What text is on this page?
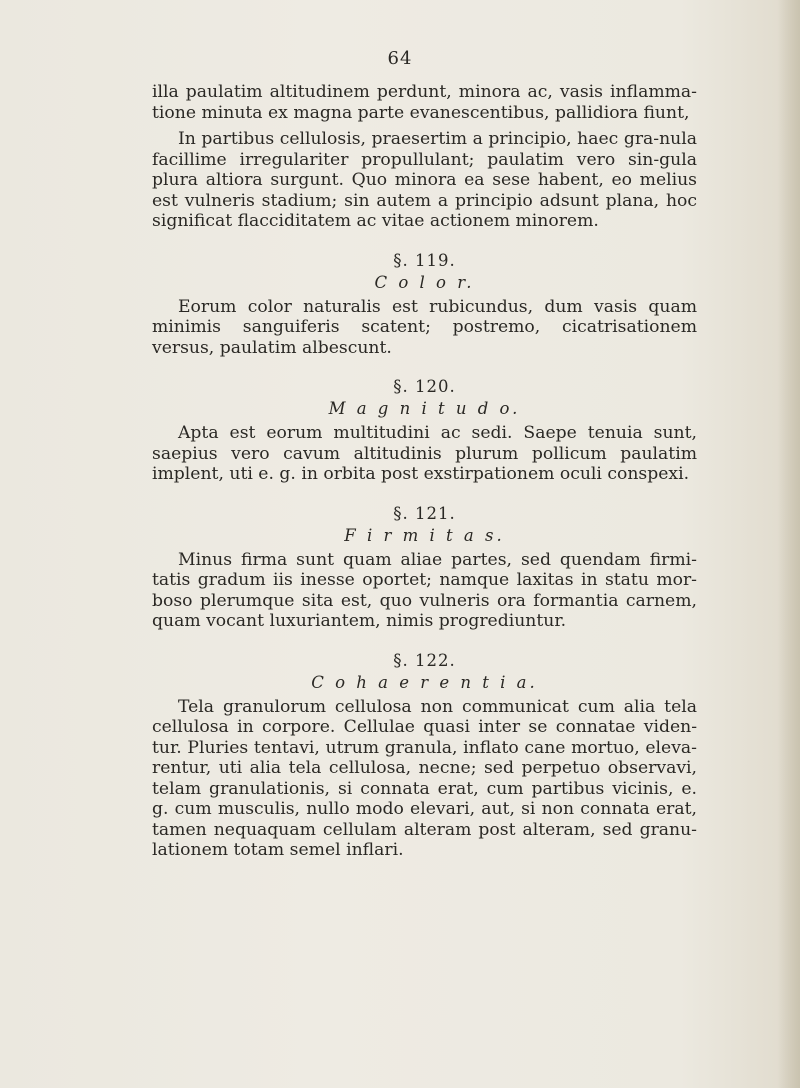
64

illa paulatim altitudinem perdunt, minora ac, vasis inflamma-tione minuta ex magna parte evanescentibus, pallidiora fiunt,

In partibus cellulosis, praesertim a principio, haec gra-nula facillime irregulariter propullulant; paulatim vero sin-gula plura altiora surgunt. Quo minora ea sese habent, eo melius est vulneris stadium; sin autem a principio adsunt plana, hoc significat flacciditatem ac vitae actionem minorem.

§. 119.
C o l o r.

Eorum color naturalis est rubicundus, dum vasis quam minimis sanguiferis scatent; postremo, cicatrisationem versus, paulatim albescunt.

§. 120.
M a g n i t u d o.

Apta est eorum multitudini ac sedi. Saepe tenuia sunt, saepius vero cavum altitudinis plurum pollicum paulatim implent, uti e. g. in orbita post exstirpationem oculi conspexi.

§. 121.
F i r m i t a s.

Minus firma sunt quam aliae partes, sed quendam firmi-tatis gradum iis inesse oportet; namque laxitas in statu mor-boso plerumque sita est, quo vulneris ora formantia carnem, quam vocant luxuriantem, nimis progrediuntur.

§. 122.
C o h a e r e n t i a.

Tela granulorum cellulosa non communicat cum alia tela cellulosa in corpore. Cellulae quasi inter se connatae viden-tur. Pluries tentavi, utrum granula, inflato cane mortuo, eleva-rentur, uti alia tela cellulosa, necne; sed perpetuo observavi, telam granulationis, si connata erat, cum partibus vicinis, e. g. cum musculis, nullo modo elevari, aut, si non connata erat, tamen nequaquam cellulam alteram post alteram, sed granu-lationem totam semel inflari.
